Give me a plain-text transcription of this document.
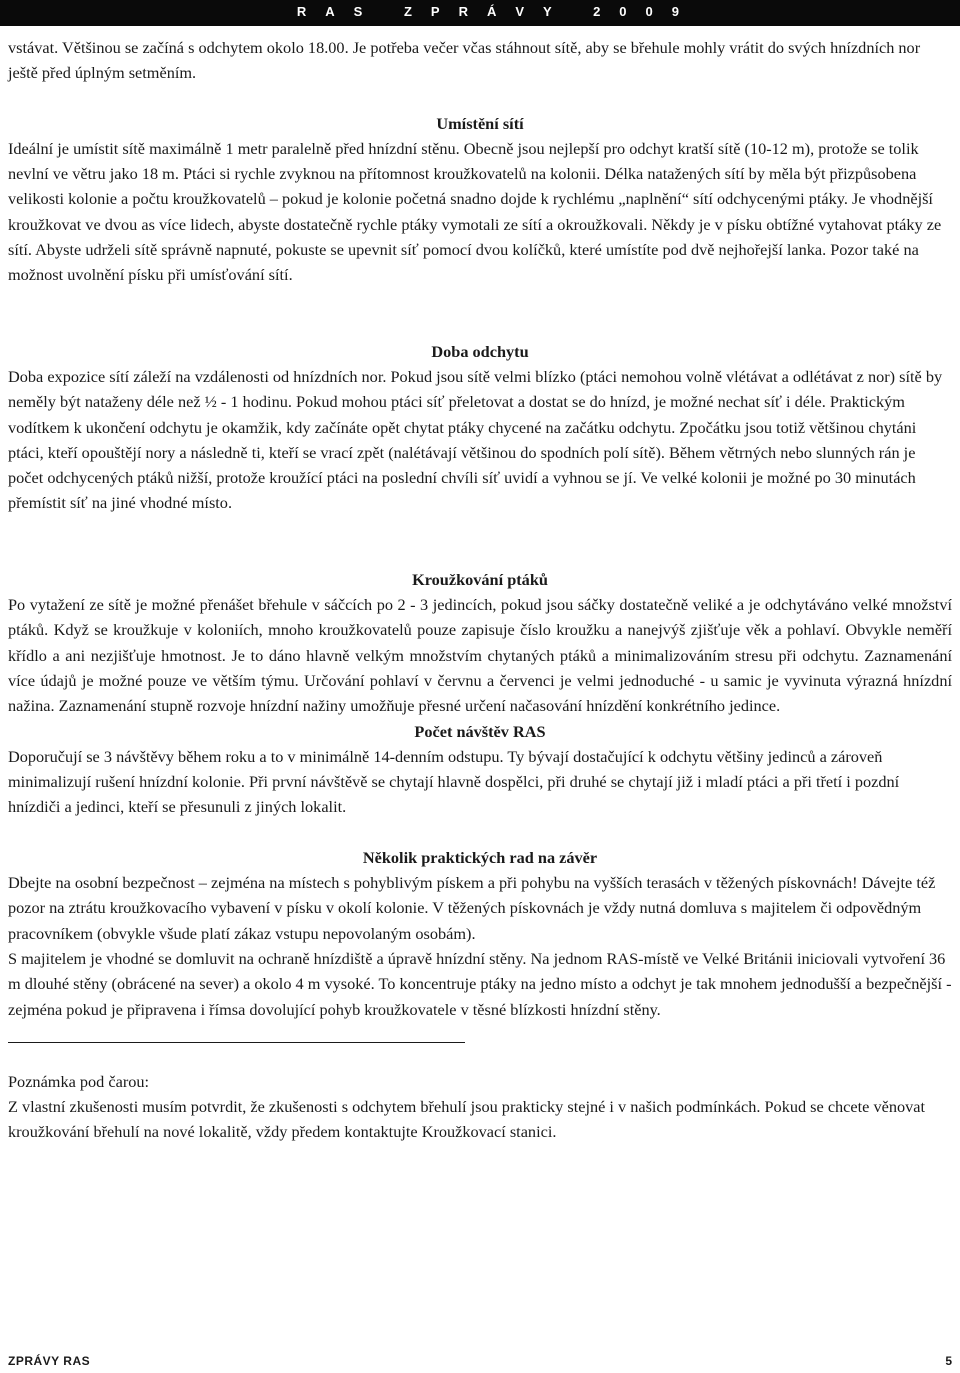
RAS ZPRÁVY 2009

vstávat. Většinou se začíná s odchytem okolo 18.00. Je potřeba večer včas stáhnout sítě, aby se břehule mohly vrátit do svých hnízdních nor ještě před úplným setměním.

Umístění sítí

Ideální je umístit sítě maximálně 1 metr paralelně před hnízdní stěnu. Obecně jsou nejlepší pro odchyt kratší sítě (10-12 m), protože se tolik nevlní ve větru jako 18 m. Ptáci si rychle zvyknou na přítomnost kroužkovatelů na kolonii. Délka natažených sítí by měla být přizpůsobena velikosti kolonie a počtu kroužkovatelů – pokud je kolonie početná snadno dojde k rychlému „naplnění“ sítí odchycenými ptáky. Je vhodnější kroužkovat ve dvou as více lidech, abyste dostatečně rychle ptáky vymotali ze sítí a okroužkovali. Někdy je v písku obtížné vytahovat ptáky ze sítí. Abyste udrželi sítě správně napnuté, pokuste se upevnit síť pomocí dvou kolíčků, které umístíte pod dvě nejhořejší lanka. Pozor také na možnost uvolnění písku při umísťování sítí.

Doba odchytu

Doba expozice sítí záleží na vzdálenosti od hnízdních nor. Pokud jsou sítě velmi blízko (ptáci nemohou volně vlétávat a odlétávat z nor) sítě by neměly být nataženy déle než ½ - 1 hodinu. Pokud mohou ptáci síť přeletovat a dostat se do hnízd, je možné nechat síť i déle. Praktickým vodítkem k ukončení odchytu je okamžik, kdy začínáte opět chytat ptáky chycené na začátku odchytu. Zpočátku jsou totiž většinou chytáni ptáci, kteří opouštějí nory a následně ti, kteří se vrací zpět (nalétávají většinou do spodních polí sítě). Během větrných nebo slunných rán je počet odchycených ptáků nižší, protože kroužící ptáci na poslední chvíli síť uvidí a vyhnou se jí. Ve velké kolonii je možné po 30 minutách přemístit síť na jiné vhodné místo.

Kroužkování ptáků

Po vytažení ze sítě je možné přenášet břehule v sáčcích po 2 - 3 jedincích, pokud jsou sáčky dostatečně veliké a je odchytáváno velké množství ptáků. Když se kroužkuje v koloniích, mnoho kroužkovatelů pouze zapisuje číslo kroužku a nanejvýš zjišťuje věk a pohlaví. Obvykle neměří křídlo a ani nezjišťuje hmotnost. Je to dáno hlavně velkým množstvím chytaných ptáků a minimalizováním stresu při odchytu. Zaznamenání více údajů je možné pouze ve větším týmu. Určování pohlaví v červnu a červenci je velmi jednoduché - u samic je vyvinuta výrazná hnízdní nažina. Zaznamenání stupně rozvoje hnízdní nažiny umožňuje přesné určení načasování hnízdění konkrétního jedince.

Počet návštěv RAS

Doporučují se 3 návštěvy během roku a to v minimálně 14-denním odstupu. Ty bývají dostačující k odchytu většiny jedinců a zároveň minimalizují rušení hnízdní kolonie. Při první návštěvě se chytají hlavně dospělci, při druhé se chytají již i mladí ptáci a při třetí i pozdní hnízdiči a jedinci, kteří se přesunuli z jiných lokalit.

Několik praktických rad na závěr

Dbejte na osobní bezpečnost – zejména na místech s pohyblivým pískem a při pohybu na vyšších terasách v těžených pískovnách! Dávejte též pozor na ztrátu kroužkovacího vybavení v písku v okolí kolonie. V těžených pískovnách je vždy nutná domluva s majitelem či odpovědným pracovníkem (obvykle všude platí zákaz vstupu nepovolaným osobám).

S majitelem je vhodné se domluvit na ochraně hnízdiště a úpravě hnízdní stěny. Na jednom RAS-místě ve Velké Británii iniciovali vytvoření 36 m dlouhé stěny (obrácené na sever) a okolo 4 m vysoké. To koncentruje ptáky na jedno místo a odchyt je tak mnohem jednodušší a bezpečnější - zejména pokud je připravena i římsa dovolující pohyb kroužkovatele v těsné blízkosti hnízdní stěny.

Poznámka pod čarou:

Z vlastní zkušenosti musím potvrdit, že zkušenosti s odchytem břehulí jsou prakticky stejné i v našich podmínkách. Pokud se chcete věnovat kroužkování břehulí na nové lokalitě, vždy předem kontaktujte Kroužkovací stanici.

ZPRÁVY RAS	5
